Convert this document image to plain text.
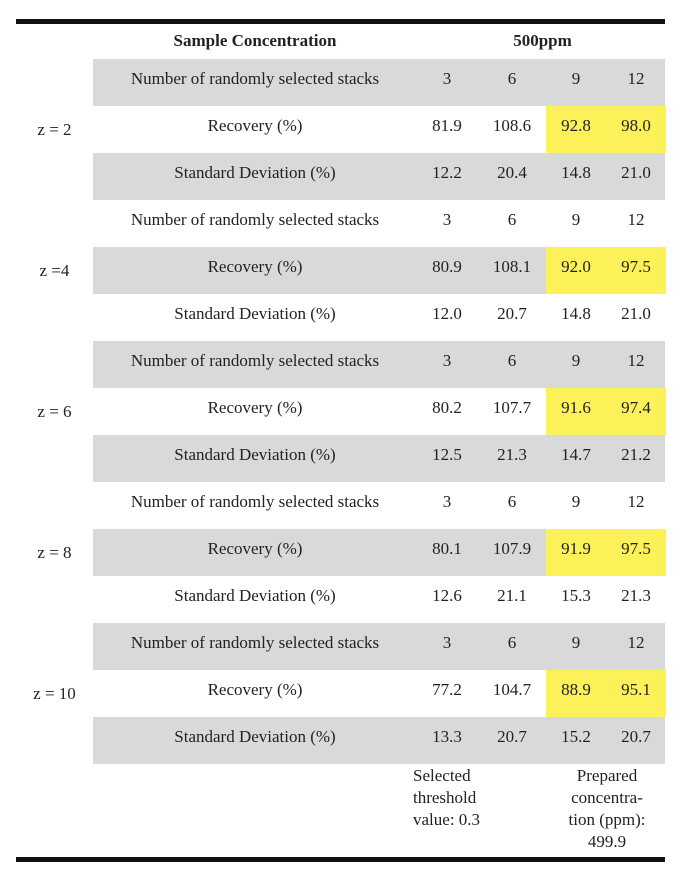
Sample Concentration	500ppm
z = 2
Number of randomly selected stacks	3	6	9	12
Recovery (%)	81.9	108.6	92.8	98.0
Standard Deviation (%)	12.2	20.4	14.8	21.0
z =4
Number of randomly selected stacks	3	6	9	12
Recovery (%)	80.9	108.1	92.0	97.5
Standard Deviation (%)	12.0	20.7	14.8	21.0
z = 6
Number of randomly selected stacks	3	6	9	12
Recovery (%)	80.2	107.7	91.6	97.4
Standard Deviation (%)	12.5	21.3	14.7	21.2
z = 8
Number of randomly selected stacks	3	6	9	12
Recovery (%)	80.1	107.9	91.9	97.5
Standard Deviation (%)	12.6	21.1	15.3	21.3
z = 10
Number of randomly selected stacks	3	6	9	12
Recovery (%)	77.2	104.7	88.9	95.1
Standard Deviation (%)	13.3	20.7	15.2	20.7
Selected
threshold
value: 0.3
Prepared
concentra-
tion (ppm):
499.9
